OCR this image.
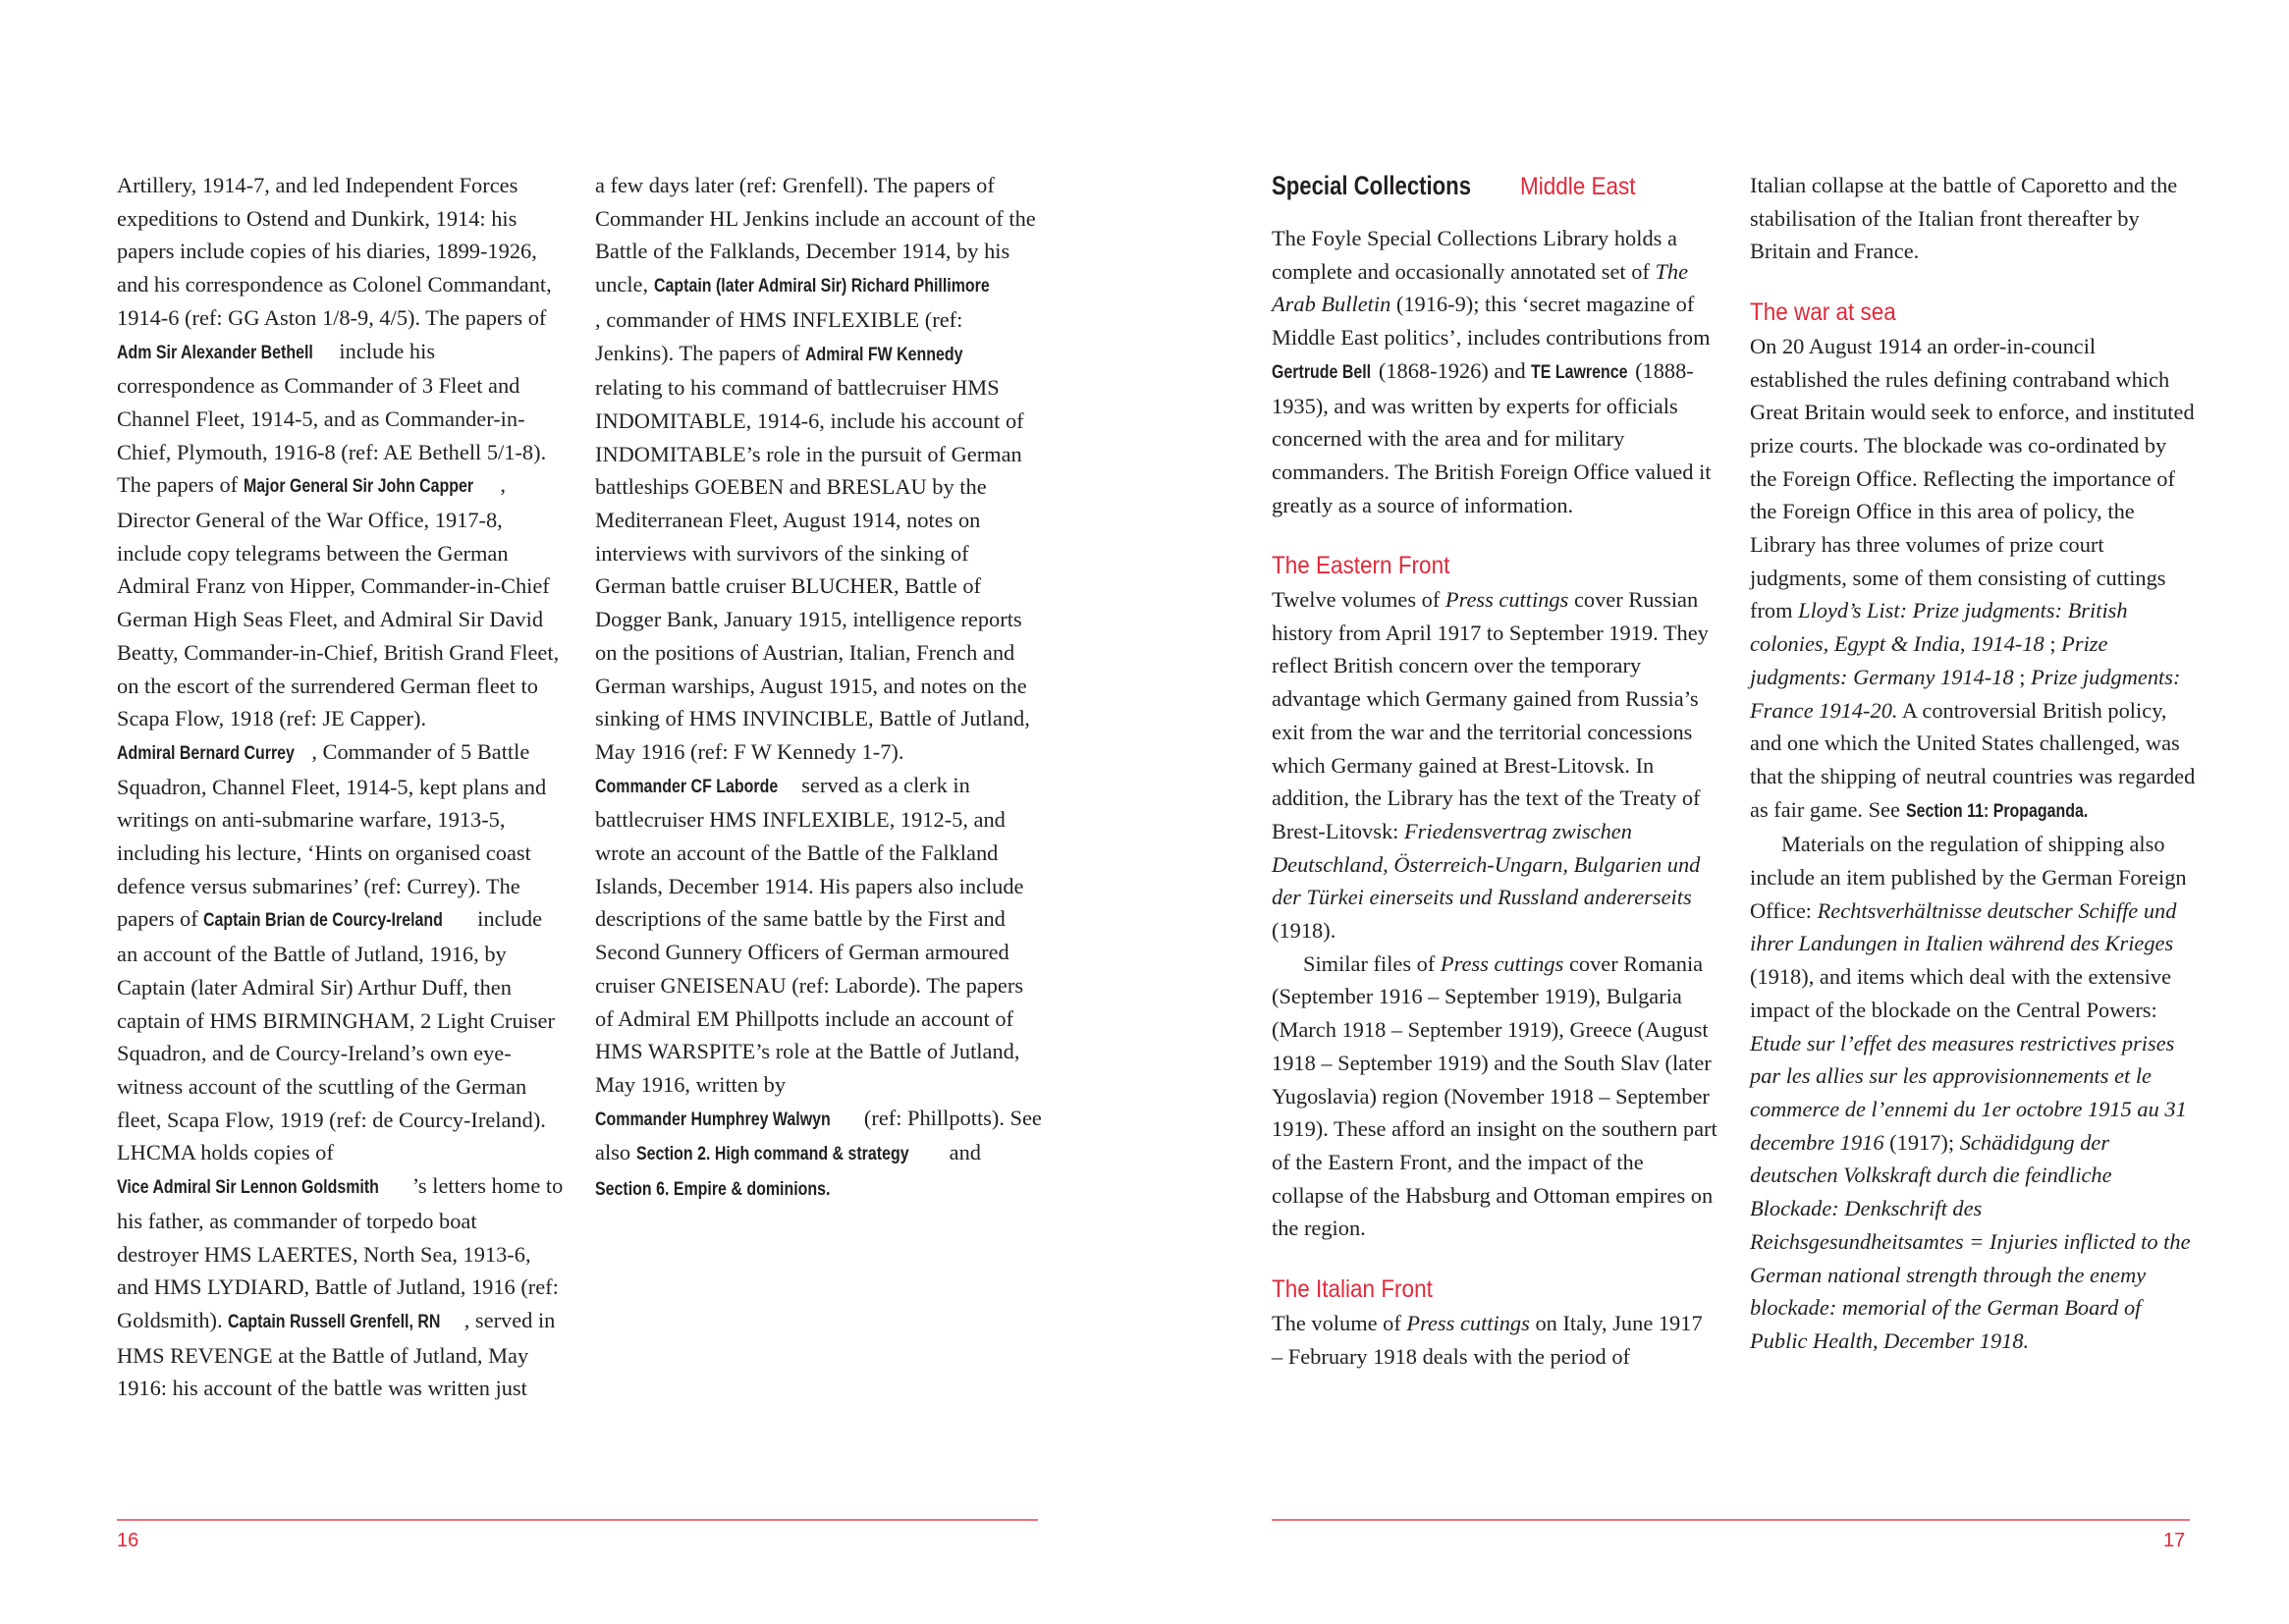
Artillery, 1914-7, and led Independent Forces expeditions to Ostend and Dunkirk, 1914: his papers include copies of his diaries, 1899-1926, and his correspondence as Colonel Commandant, 1914-6 (ref: GG Aston 1/8-9, 4/5). The papers of Adm Sir Alexander Bethell include his correspondence as Commander of 3 Fleet and Channel Fleet, 1914-5, and as Commander-in-Chief, Plymouth, 1916-8 (ref: AE Bethell 5/1-8). The papers of Major General Sir John Capper , Director General of the War Office, 1917-8, include copy telegrams between the German Admiral Franz von Hipper, Commander-in-Chief German High Seas Fleet, and Admiral Sir David Beatty, Commander-in-Chief, British Grand Fleet, on the escort of the surrendered German fleet to Scapa Flow, 1918 (ref: JE Capper). Admiral Bernard Currey , Commander of 5 Battle Squadron, Channel Fleet, 1914-5, kept plans and writings on anti-submarine warfare, 1913-5, including his lecture, ‘Hints on organised coast defence versus submarines’ (ref: Currey). The papers of Captain Brian de Courcy-Ireland include an account of the Battle of Jutland, 1916, by Captain (later Admiral Sir) Arthur Duff, then captain of HMS BIRMINGHAM, 2 Light Cruiser Squadron, and de Courcy-Ireland’s own eye-witness account of the scuttling of the German fleet, Scapa Flow, 1919 (ref: de Courcy-Ireland). LHCMA holds copies of Vice Admiral Sir Lennon Goldsmith ’s letters home to his father, as commander of torpedo boat destroyer HMS LAERTES, North Sea, 1913-6, and HMS LYDIARD, Battle of Jutland, 1916 (ref: Goldsmith). Captain Russell Grenfell, RN , served in HMS REVENGE at the Battle of Jutland, May 1916: his account of the battle was written just

a few days later (ref: Grenfell). The papers of Commander HL Jenkins include an account of the Battle of the Falklands, December 1914, by his uncle, Captain (later Admiral Sir) Richard Phillimore, commander of HMS INFLEXIBLE (ref: Jenkins). The papers of Admiral FW Kennedy relating to his command of battlecruiser HMS INDOMITABLE, 1914-6, include his account of INDOMITABLE’s role in the pursuit of German battleships GOEBEN and BRESLAU by the Mediterranean Fleet, August 1914, notes on interviews with survivors of the sinking of German battle cruiser BLUCHER, Battle of Dogger Bank, January 1915, intelligence reports on the positions of Austrian, Italian, French and German warships, August 1915, and notes on the sinking of HMS INVINCIBLE, Battle of Jutland, May 1916 (ref: F W Kennedy 1-7). Commander CF Laborde served as a clerk in battlecruiser HMS INFLEXIBLE, 1912-5, and wrote an account of the Battle of the Falkland Islands, December 1914. His papers also include descriptions of the same battle by the First and Second Gunnery Officers of German armoured cruiser GNEISENAU (ref: Laborde). The papers of Admiral EM Phillpotts include an account of HMS WARSPITE’s role at the Battle of Jutland, May 1916, written by Commander Humphrey Walwyn (ref: Phillpotts). See also Section 2. High command & strategy and Section 6. Empire & dominions.

16
Special Collections Middle East

The Foyle Special Collections Library holds a complete and occasionally annotated set of The Arab Bulletin (1916-9); this ‘secret magazine of Middle East politics’, includes contributions from Gertrude Bell (1868-1926) and TE Lawrence (1888-1935), and was written by experts for officials concerned with the area and for military commanders. The British Foreign Office valued it greatly as a source of information.

The Eastern Front

Twelve volumes of Press cuttings cover Russian history from April 1917 to September 1919. They reflect British concern over the temporary advantage which Germany gained from Russia’s exit from the war and the territorial concessions which Germany gained at Brest-Litovsk. In addition, the Library has the text of the Treaty of Brest-Litovsk: Friedensvertrag zwischen Deutschland, Österreich-Ungarn, Bulgarien und der Türkei einerseits und Russland andererseits (1918).

Similar files of Press cuttings cover Romania (September 1916 – September 1919), Bulgaria (March 1918 – September 1919), Greece (August 1918 – September 1919) and the South Slav (later Yugoslavia) region (November 1918 – September 1919). These afford an insight on the southern part of the Eastern Front, and the impact of the collapse of the Habsburg and Ottoman empires on the region.

The Italian Front

The volume of Press cuttings on Italy, June 1917 – February 1918 deals with the period of

Italian collapse at the battle of Caporetto and the stabilisation of the Italian front thereafter by Britain and France.

The war at sea

On 20 August 1914 an order-in-council established the rules defining contraband which Great Britain would seek to enforce, and instituted prize courts. The blockade was co-ordinated by the Foreign Office. Reflecting the importance of the Foreign Office in this area of policy, the Library has three volumes of prize court judgments, some of them consisting of cuttings from Lloyd’s List: Prize judgments: British colonies, Egypt & India, 1914-18 ; Prize judgments: Germany 1914-18 ; Prize judgments: France 1914-20. A controversial British policy, and one which the United States challenged, was that the shipping of neutral countries was regarded as fair game. See Section 11: Propaganda.

Materials on the regulation of shipping also include an item published by the German Foreign Office: Rechtsverhältnisse deutscher Schiffe und ihrer Landungen in Italien während des Krieges (1918), and items which deal with the extensive impact of the blockade on the Central Powers: Etude sur l’effet des measures restrictives prises par les allies sur les approvisionnements et le commerce de l’ennemi du 1er octobre 1915 au 31 decembre 1916 (1917); Schädidgung der deutschen Volkskraft durch die feindliche Blockade: Denkschrift des Reichsgesundheitsamtes = Injuries inflicted to the German national strength through the enemy blockade: memorial of the German Board of Public Health, December 1918.

17
